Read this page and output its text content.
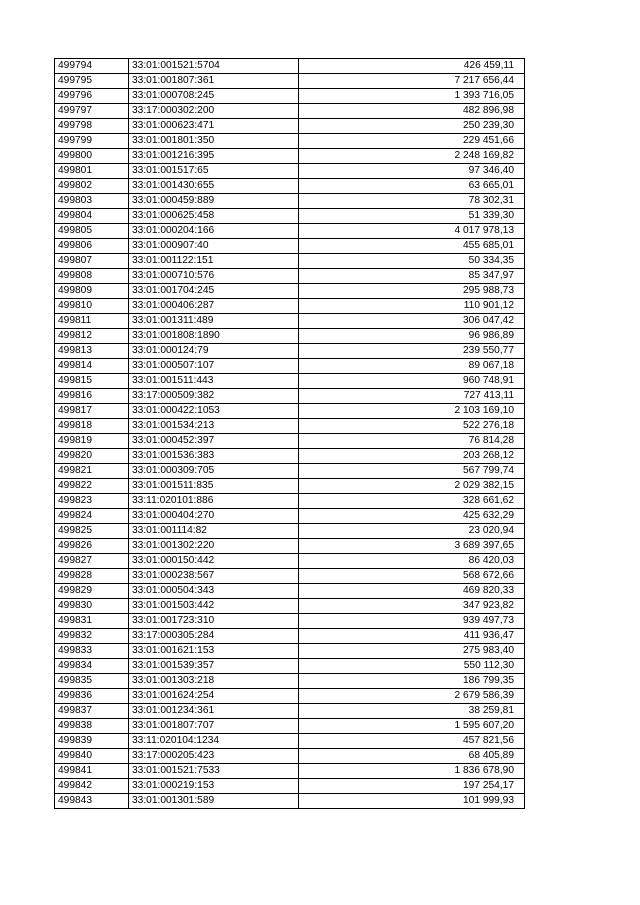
499794	33:01:001521:5704	426 459,11
499795	33:01:001807:361	7 217 656,44
499796	33:01:000708:245	1 393 716,05
499797	33:17:000302:200	482 896,98
499798	33:01:000623:471	250 239,30
499799	33:01:001801:350	229 451,66
499800	33:01:001216:395	2 248 169,82
499801	33:01:001517:65	97 346,40
499802	33:01:001430:655	63 665,01
499803	33:01:000459:889	78 302,31
499804	33:01:000625:458	51 339,30
499805	33:01:000204:166	4 017 978,13
499806	33:01:000907:40	455 685,01
499807	33:01:001122:151	50 334,35
499808	33:01:000710:576	85 347,97
499809	33:01:001704:245	295 988,73
499810	33:01:000406:287	110 901,12
499811	33:01:001311:489	306 047,42
499812	33:01:001808:1890	96 986,89
499813	33:01:000124:79	239 550,77
499814	33:01:000507:107	89 067,18
499815	33:01:001511:443	960 748,91
499816	33:17:000509:382	727 413,11
499817	33:01:000422:1053	2 103 169,10
499818	33:01:001534:213	522 276,18
499819	33:01:000452:397	76 814,28
499820	33:01:001536:383	203 268,12
499821	33:01:000309:705	567 799,74
499822	33:01:001511:835	2 029 382,15
499823	33:11:020101:886	328 661,62
499824	33:01:000404:270	425 632,29
499825	33:01:001114:82	23 020,94
499826	33:01:001302:220	3 689 397,65
499827	33:01:000150:442	86 420,03
499828	33:01:000238:567	568 672,66
499829	33:01:000504:343	469 820,33
499830	33:01:001503:442	347 923,82
499831	33:01:001723:310	939 497,73
499832	33:17:000305:284	411 936,47
499833	33:01:001621:153	275 983,40
499834	33:01:001539:357	550 112,30
499835	33:01:001303:218	186 799,35
499836	33:01:001624:254	2 679 586,39
499837	33:01:001234:361	38 259,81
499838	33:01:001807:707	1 595 607,20
499839	33:11:020104:1234	457 821,56
499840	33:17:000205:423	68 405,89
499841	33:01:001521:7533	1 836 678,90
499842	33:01:000219:153	197 254,17
499843	33:01:001301:589	101 999,93
